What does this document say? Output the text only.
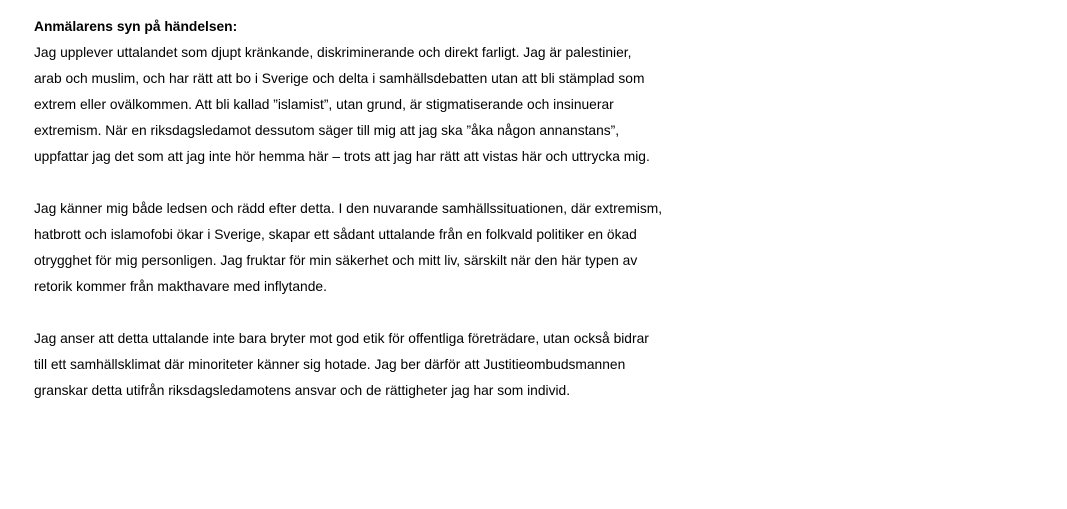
Anmälarens syn på händelsen:
Jag upplever uttalandet som djupt kränkande, diskriminerande och direkt farligt. Jag är palestinier,
arab och muslim, och har rätt att bo i Sverige och delta i samhällsdebatten utan att bli stämplad som
extrem eller ovälkommen. Att bli kallad ”islamist”, utan grund, är stigmatiserande och insinuerar
extremism. När en riksdagsledamot dessutom säger till mig att jag ska ”åka någon annanstans”,
uppfattar jag det som att jag inte hör hemma här – trots att jag har rätt att vistas här och uttrycka mig.
Jag känner mig både ledsen och rädd efter detta. I den nuvarande samhällssituationen, där extremism,
hatbrott och islamofobi ökar i Sverige, skapar ett sådant uttalande från en folkvald politiker en ökad
otrygghet för mig personligen. Jag fruktar för min säkerhet och mitt liv, särskilt när den här typen av
retorik kommer från makthavare med inflytande.
Jag anser att detta uttalande inte bara bryter mot god etik för offentliga företrädare, utan också bidrar
till ett samhällsklimat där minoriteter känner sig hotade. Jag ber därför att Justitieombudsmannen
granskar detta utifrån riksdagsledamotens ansvar och de rättigheter jag har som individ.
